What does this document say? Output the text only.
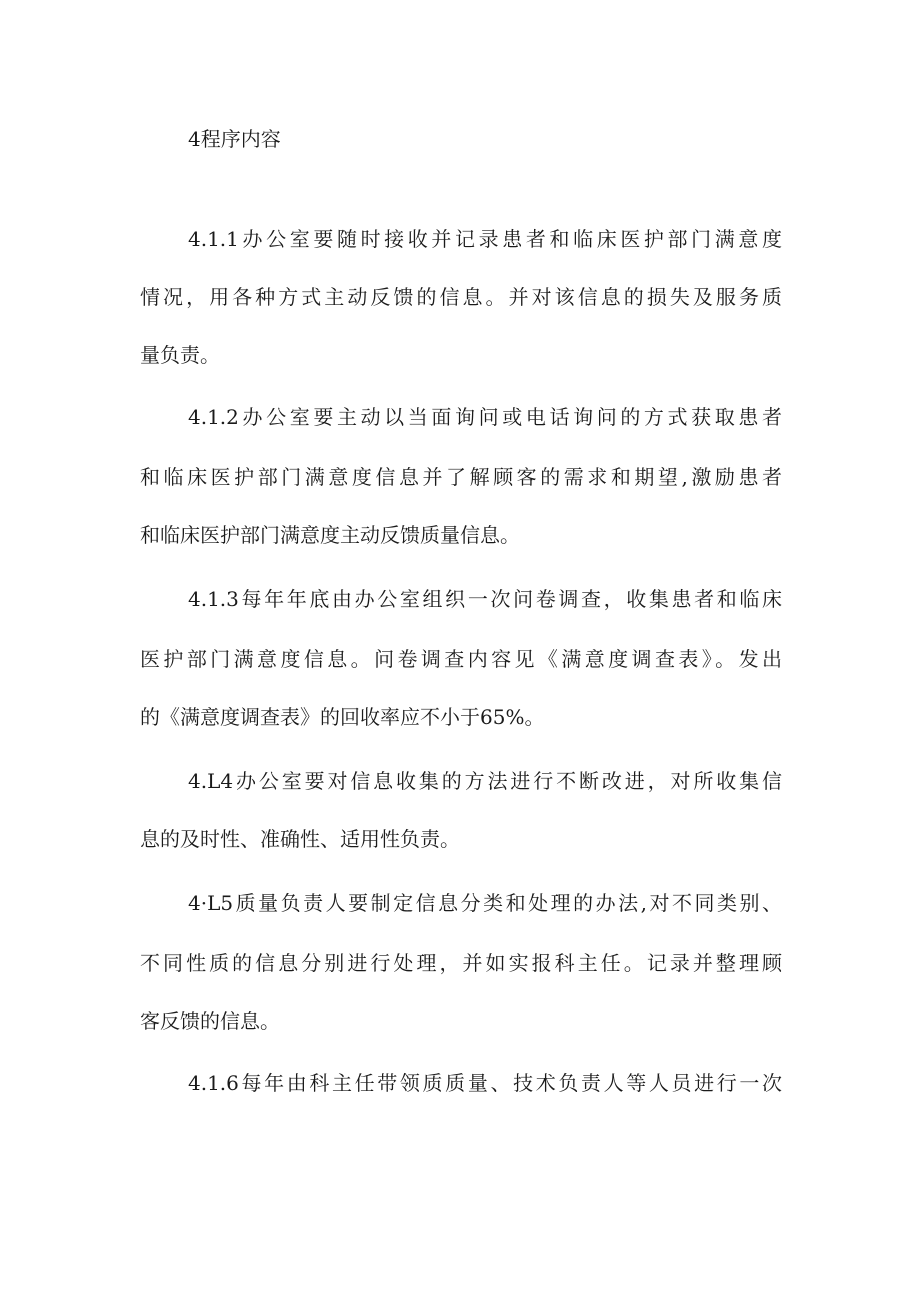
4程序内容
4.1.1办公室要随时接收并记录患者和临床医护部门满意度
情况，用各种方式主动反馈的信息。并对该信息的损失及服务质
量负责。
4.1.2办公室要主动以当面询问或电话询问的方式获取患者
和临床医护部门满意度信息并了解顾客的需求和期望,激励患者
和临床医护部门满意度主动反馈质量信息。
4.1.3每年年底由办公室组织一次问卷调查，收集患者和临床
医护部门满意度信息。问卷调查内容见《满意度调查表》。发出
的《满意度调查表》的回收率应不小于65%。
4.L4办公室要对信息收集的方法进行不断改进，对所收集信
息的及时性、准确性、适用性负责。
4·L5质量负责人要制定信息分类和处理的办法,对不同类别、
不同性质的信息分别进行处理，并如实报科主任。记录并整理顾
客反馈的信息。
4.1.6每年由科主任带领质质量、技术负责人等人员进行一次
